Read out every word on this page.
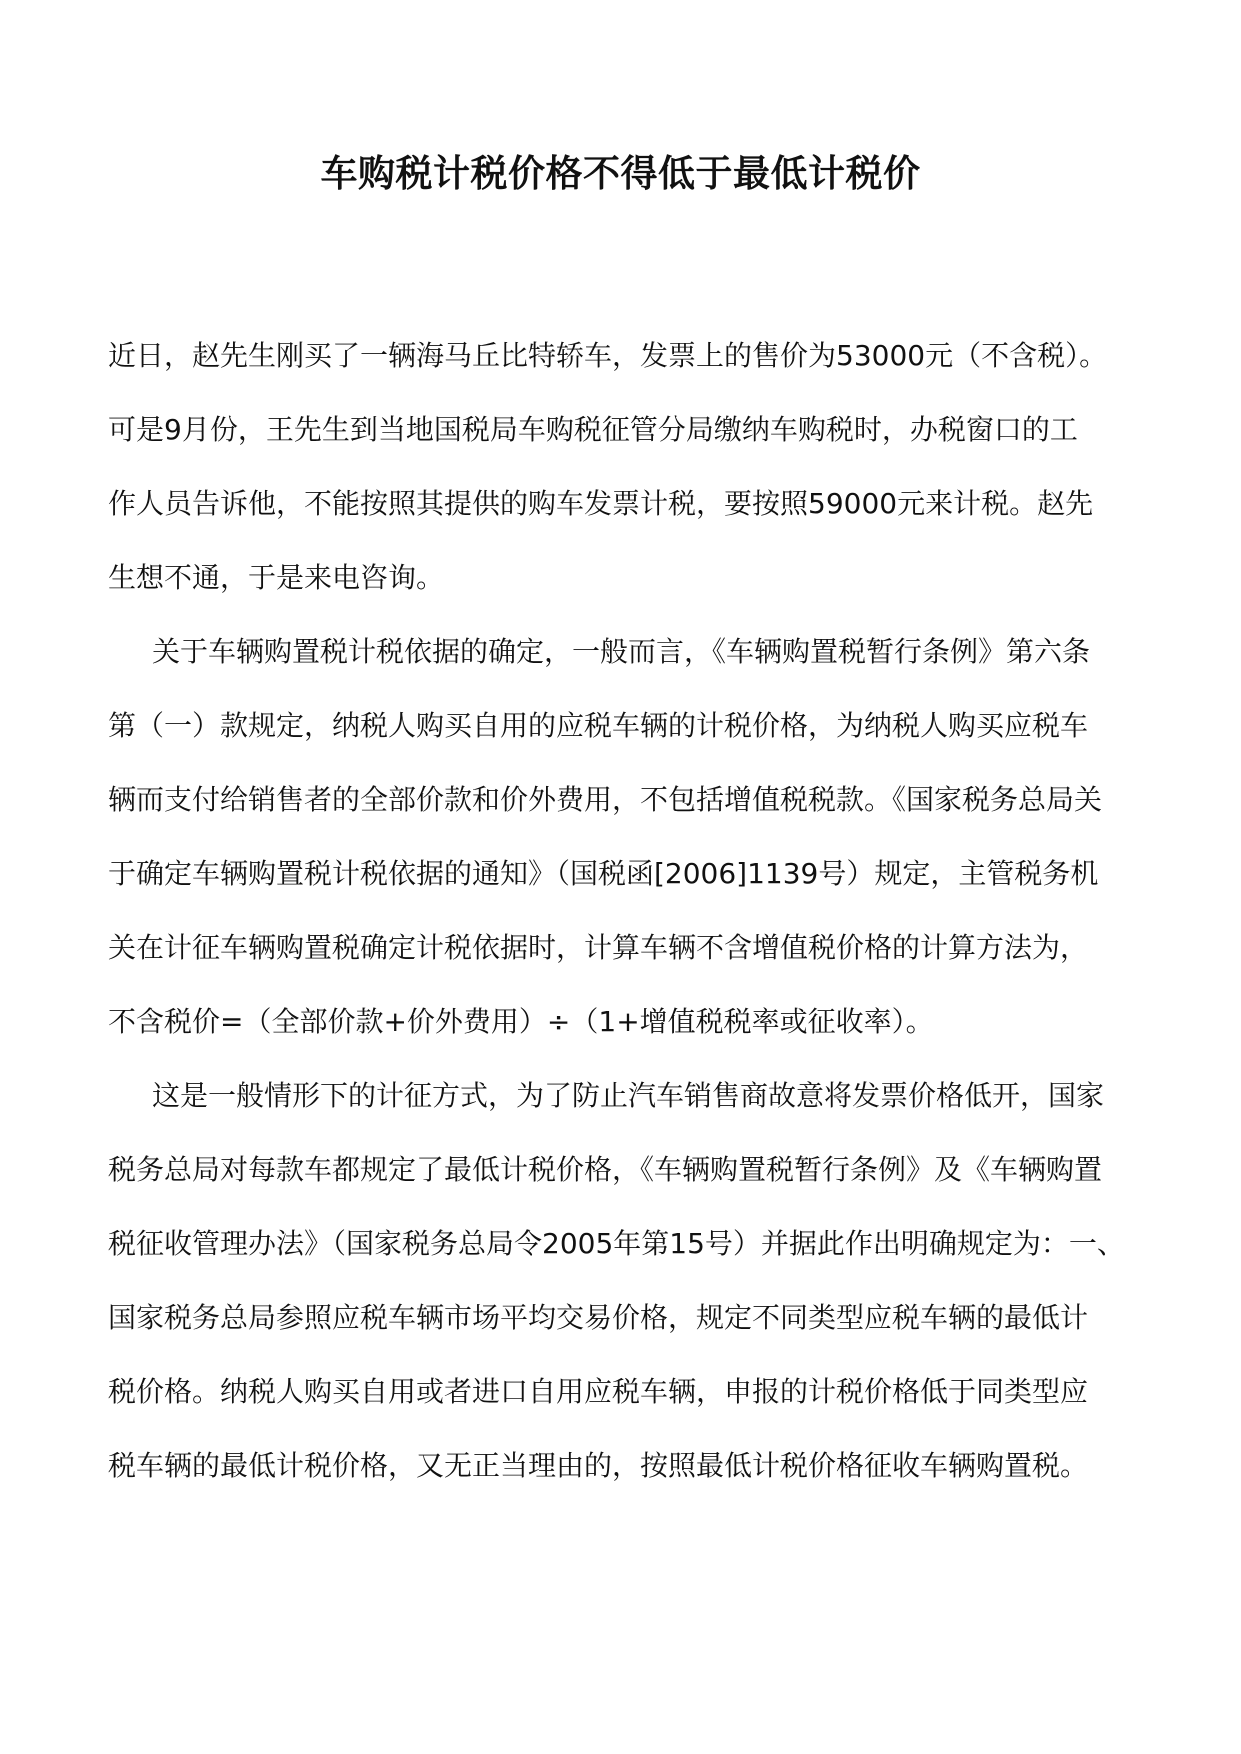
车购税计税价格不得低于最低计税价

近日，赵先生刚买了一辆海马丘比特轿车，发票上的售价为53000元（不含税）。

可是9月份，王先生到当地国税局车购税征管分局缴纳车购税时，办税窗口的工

作人员告诉他，不能按照其提供的购车发票计税，要按照59000元来计税。赵先

生想不通，于是来电咨询。

关于车辆购置税计税依据的确定，一般而言，《车辆购置税暂行条例》第六条

第（一）款规定，纳税人购买自用的应税车辆的计税价格，为纳税人购买应税车

辆而支付给销售者的全部价款和价外费用，不包括增值税税款。《国家税务总局关

于确定车辆购置税计税依据的通知》（国税函[2006]1139号）规定，主管税务机

关在计征车辆购置税确定计税依据时，计算车辆不含增值税价格的计算方法为，

不含税价=（全部价款+价外费用）÷（1+增值税税率或征收率）。

这是一般情形下的计征方式，为了防止汽车销售商故意将发票价格低开，国家

税务总局对每款车都规定了最低计税价格，《车辆购置税暂行条例》及《车辆购置

税征收管理办法》（国家税务总局令2005年第15号）并据此作出明确规定为：一、

国家税务总局参照应税车辆市场平均交易价格，规定不同类型应税车辆的最低计

税价格。纳税人购买自用或者进口自用应税车辆，申报的计税价格低于同类型应

税车辆的最低计税价格，又无正当理由的，按照最低计税价格征收车辆购置税。
